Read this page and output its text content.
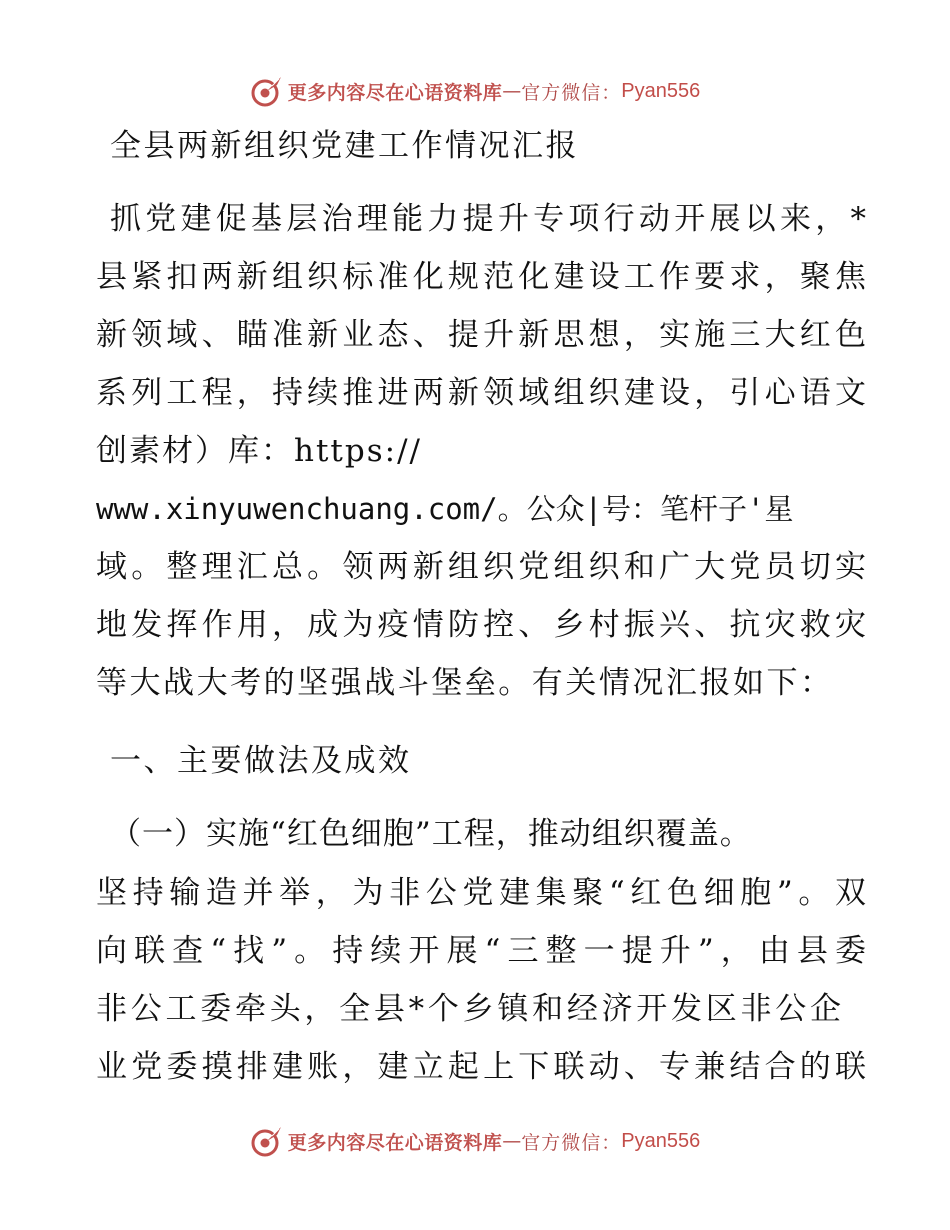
更多内容尽在心语资料库 — 官方微信： Pyan556
全县两新组织党建工作情况汇报
抓党建促基层治理能力提升专项行动开展以来，*
县紧扣两新组织标准化规范化建设工作要求，聚焦
新领域、瞄准新业态、提升新思想，实施三大红色
系列工程，持续推进两新领域组织建设，引心语文
创素材）库：https://
www.xinyuwenchuang.com/。公众|号：笔杆子'星
域。整理汇总。领两新组织党组织和广大党员切实
地发挥作用，成为疫情防控、乡村振兴、抗灾救灾
等大战大考的坚强战斗堡垒。有关情况汇报如下：
一、主要做法及成效
（一）实施“红色细胞”工程，推动组织覆盖。
坚持输造并举，为非公党建集聚“红色细胞”。双
向联查“找”。持续开展“三整一提升”，由县委
非公工委牵头，全县*个乡镇和经济开发区非公企
业党委摸排建账，建立起上下联动、专兼结合的联
更多内容尽在心语资料库 — 官方微信： Pyan556
